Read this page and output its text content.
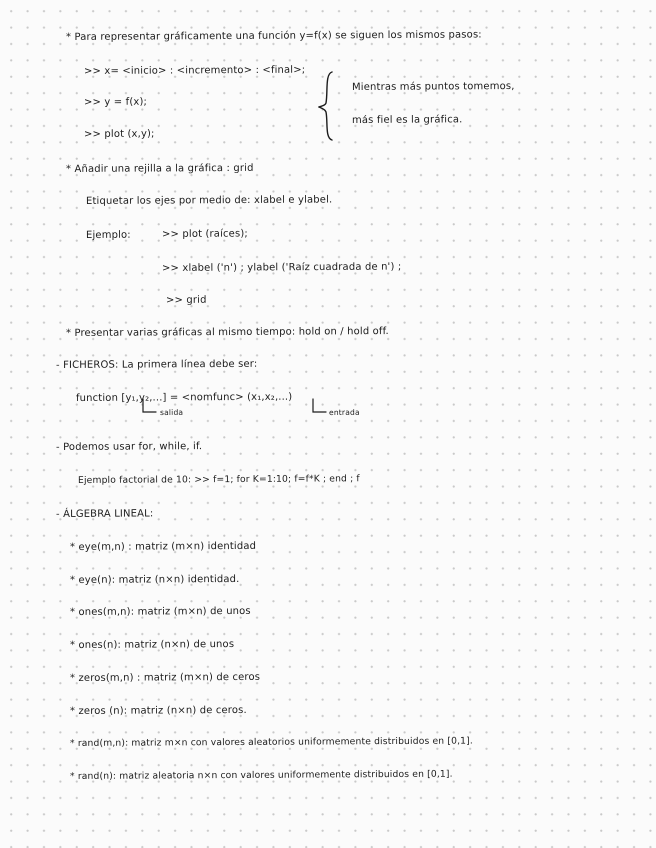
* Para representar gráficamente una función y=f(x) se siguen los mismos pasos:
>> x= <inicio> : <incremento> : <final>;
>> y = f(x);
>> plot (x,y);
Mientras más puntos tomemos,
más fiel es la gráfica.
* Añadir una rejilla a la gráfica : grid
Etiquetar los ejes por medio de: xlabel e ylabel.
Ejemplo:	>> plot (raíces);
>> xlabel ('n') ; ylabel ('Raíz cuadrada de n') ;
>> grid
* Presentar varias gráficas al mismo tiempo: hold on / hold off.
- FICHEROS: La primera línea debe ser:
function [y₁,y₂,...] = <nomfunc> (x₁,x₂,...)
salida	entrada
- Podemos usar for, while, if.
Ejemplo factorial de 10: >> f=1; for K=1:10; f=f*K ; end ; f
- ÁLGEBRA LINEAL:
* eye(m,n) : matriz (m×n) identidad
* eye(n): matriz (n×n) identidad.
* ones(m,n): matriz (m×n) de unos
* ones(n): matriz (n×n) de unos
* zeros(m,n) : matriz (m×n) de ceros
* zeros (n): matriz (n×n) de ceros.
* rand(m,n): matriz m×n con valores aleatorios uniformemente distribuidos en [0,1].
* rand(n): matriz aleatoria n×n con valores uniformemente distribuidos en [0,1].
